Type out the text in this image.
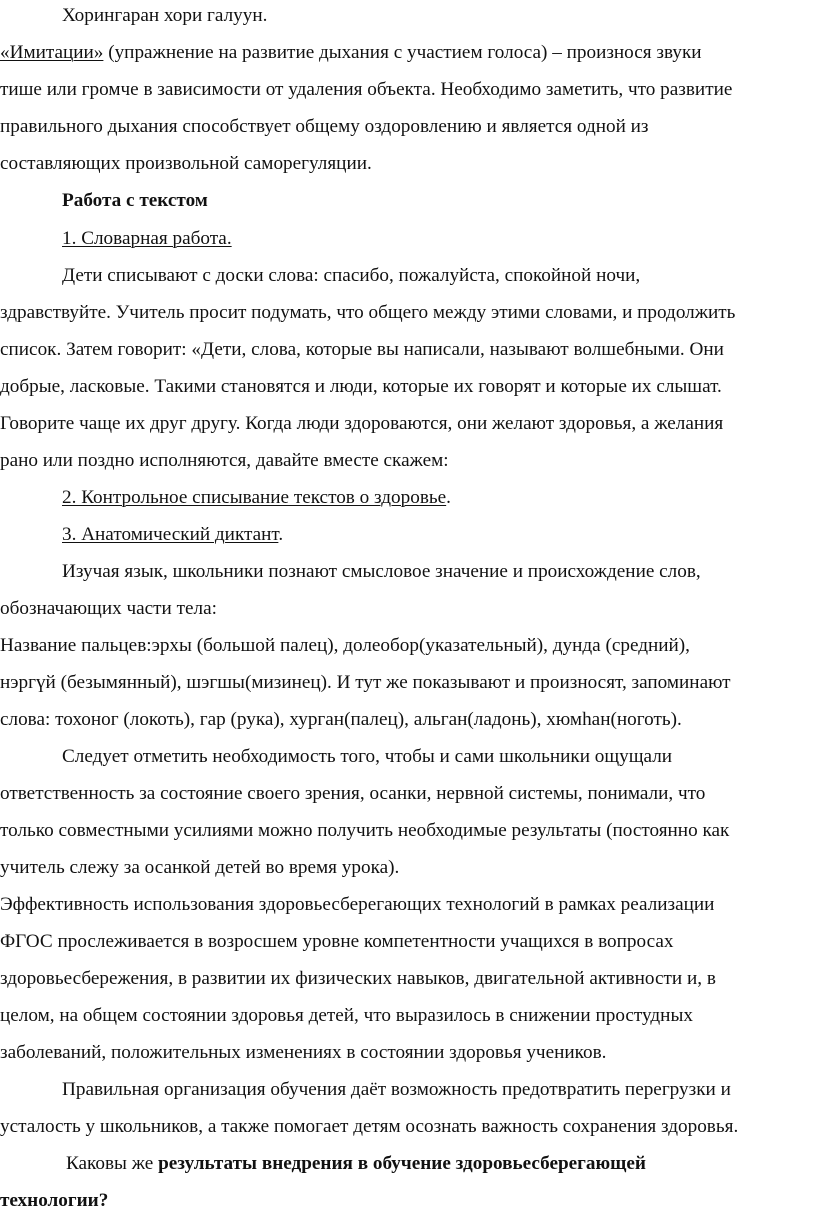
Хорингаран хори галуун.
«Имитации» (упражнение на развитие дыхания с участием голоса) – произнося звуки
тише или громче в зависимости от удаления объекта. Необходимо заметить, что развитие
правильного дыхания способствует общему оздоровлению и является одной из
составляющих произвольной саморегуляции.
Работа с текстом
1. Словарная работа.
Дети списывают с доски слова: спасибо, пожалуйста, спокойной ночи,
здравствуйте. Учитель просит подумать, что общего между этими словами, и продолжить
список. Затем говорит: «Дети, слова, которые вы написали, называют волшебными. Они
добрые, ласковые. Такими становятся и люди, которые их говорят и которые их слышат.
Говорите чаще их друг другу. Когда люди здороваются, они желают здоровья, а желания
рано или поздно исполняются, давайте вместе скажем:
2. Контрольное списывание текстов о здоровье.
3. Анатомический диктант.
Изучая язык, школьники познают смысловое значение и происхождение слов,
обозначающих части тела:
Название пальцев:эрхы (большой палец), долеобор(указательный), дунда (средний),
нэргүй (безымянный), шэгшы(мизинец). И тут же показывают и произносят, запоминают
слова: тохоног (локоть), гар (рука), хурган(палец), альган(ладонь), хюмһан(ноготь).
Следует отметить необходимость того, чтобы и сами школьники ощущали
ответственность за состояние своего зрения, осанки, нервной системы, понимали, что
только совместными усилиями можно получить необходимые результаты (постоянно как
учитель слежу за осанкой детей во время урока).
Эффективность использования здоровьесберегающих технологий в рамках реализации
ФГОС прослеживается в возросшем уровне компетентности учащихся в вопросах
здоровьесбережения, в развитии их физических навыков, двигательной активности и, в
целом, на общем состоянии здоровья детей, что выразилось в снижении простудных
заболеваний, положительных изменениях в состоянии здоровья учеников.
Правильная организация обучения даёт возможность предотвратить перегрузки и
усталость у школьников, а также помогает детям осознать важность сохранения здоровья.
Каковы же результаты внедрения в обучение здоровьесберегающей
технологии?
